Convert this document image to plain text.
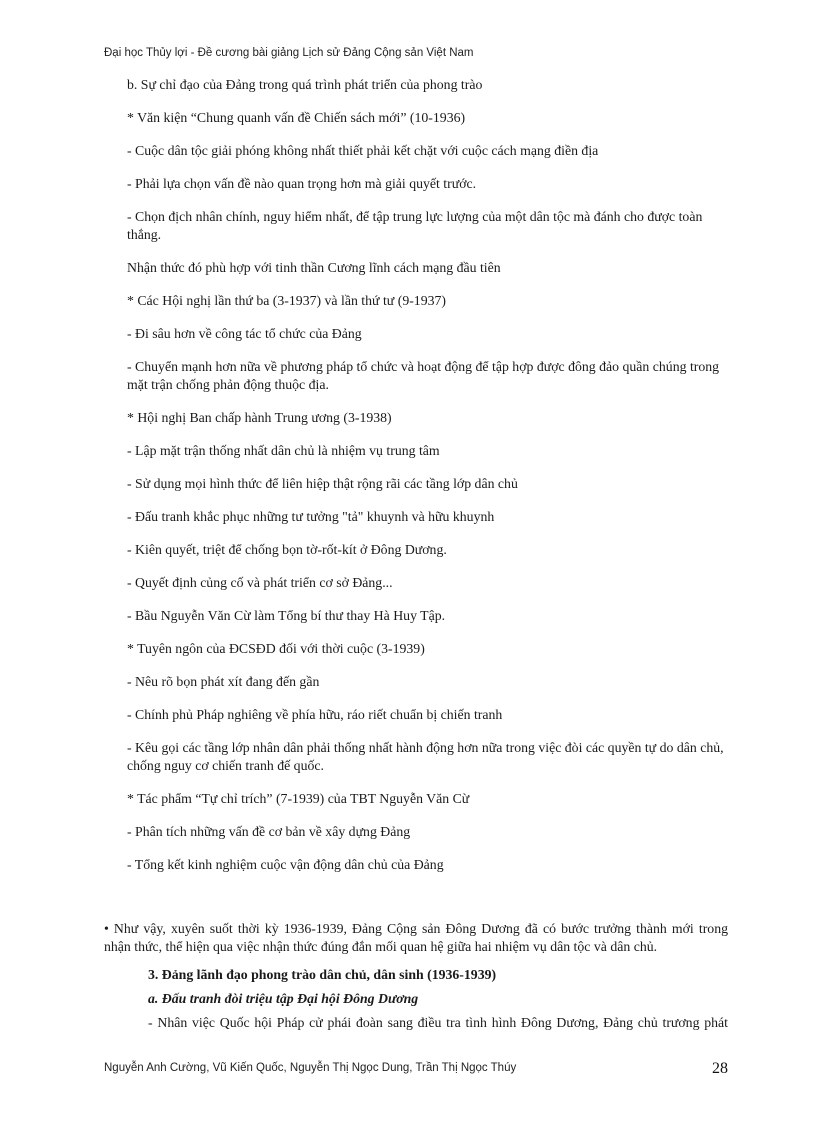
Đại học Thủy lợi - Đề cương bài giảng Lịch sử Đảng Cộng sản Việt Nam
b. Sự chỉ đạo của Đảng trong quá trình phát triển của phong trào
* Văn kiện “Chung quanh vấn đề Chiến sách mới” (10-1936)
- Cuộc dân tộc giải phóng không nhất thiết phải kết chặt với cuộc cách mạng điền địa
- Phải lựa chọn vấn đề nào quan trọng hơn mà giải quyết trước.
- Chọn địch nhân chính, nguy hiểm nhất, để tập trung lực lượng của một dân tộc mà đánh cho được toàn
thắng.
Nhận thức đó phù hợp với tinh thần Cương lĩnh cách mạng đầu tiên
* Các Hội nghị lần thứ ba (3-1937) và lần thứ tư (9-1937)
- Đi sâu hơn về công tác tổ chức của Đảng
- Chuyển mạnh hơn nữa về phương pháp tổ chức và hoạt động để tập hợp được đông đảo quần chúng trong
mặt trận chống phản động thuộc địa.
* Hội nghị Ban chấp hành Trung ương (3-1938)
- Lập mặt trận thống nhất dân chủ là nhiệm vụ trung tâm
- Sử dụng mọi hình thức để liên hiệp thật rộng rãi các tầng lớp dân chủ
- Đấu tranh khắc phục những tư tưởng "tả" khuynh và hữu khuynh
- Kiên quyết, triệt để chống bọn tờ-rốt-kít ở Đông Dương.
- Quyết định củng cố và phát triển cơ sở Đảng...
- Bầu Nguyễn Văn Cừ làm Tổng bí thư thay Hà Huy Tập.
* Tuyên ngôn của ĐCSĐD đối với thời cuộc (3-1939)
- Nêu rõ bọn phát xít đang đến gần
- Chính phủ Pháp nghiêng về phía hữu, ráo riết chuẩn bị chiến tranh
- Kêu gọi các tầng lớp nhân dân phải thống nhất hành động hơn nữa trong việc đòi các quyền tự do dân chủ,
chống nguy cơ chiến tranh đế quốc.
* Tác phẩm “Tự chỉ trích” (7-1939) của TBT Nguyễn Văn Cừ
- Phân tích những vấn đề cơ bản về xây dựng Đảng
- Tổng kết kinh nghiệm cuộc vận động dân chủ của Đảng
• Như vậy, xuyên suốt thời kỳ 1936-1939, Đảng Cộng sản Đông Dương đã có bước trưởng thành mới trong
nhận thức, thể hiện qua việc nhận thức đúng đắn mối quan hệ giữa hai nhiệm vụ dân tộc và dân chủ.
3. Đảng lãnh đạo phong trào dân chủ, dân sinh (1936-1939)
a. Đấu tranh đòi triệu tập Đại hội Đông Dương
- Nhân việc Quốc hội Pháp cử phái đoàn sang điều tra tình hình Đông Dương, Đảng chủ trương phát
Nguyễn Anh Cường, Vũ Kiến Quốc, Nguyễn Thị Ngọc Dung, Trần Thị Ngọc Thúy	28
